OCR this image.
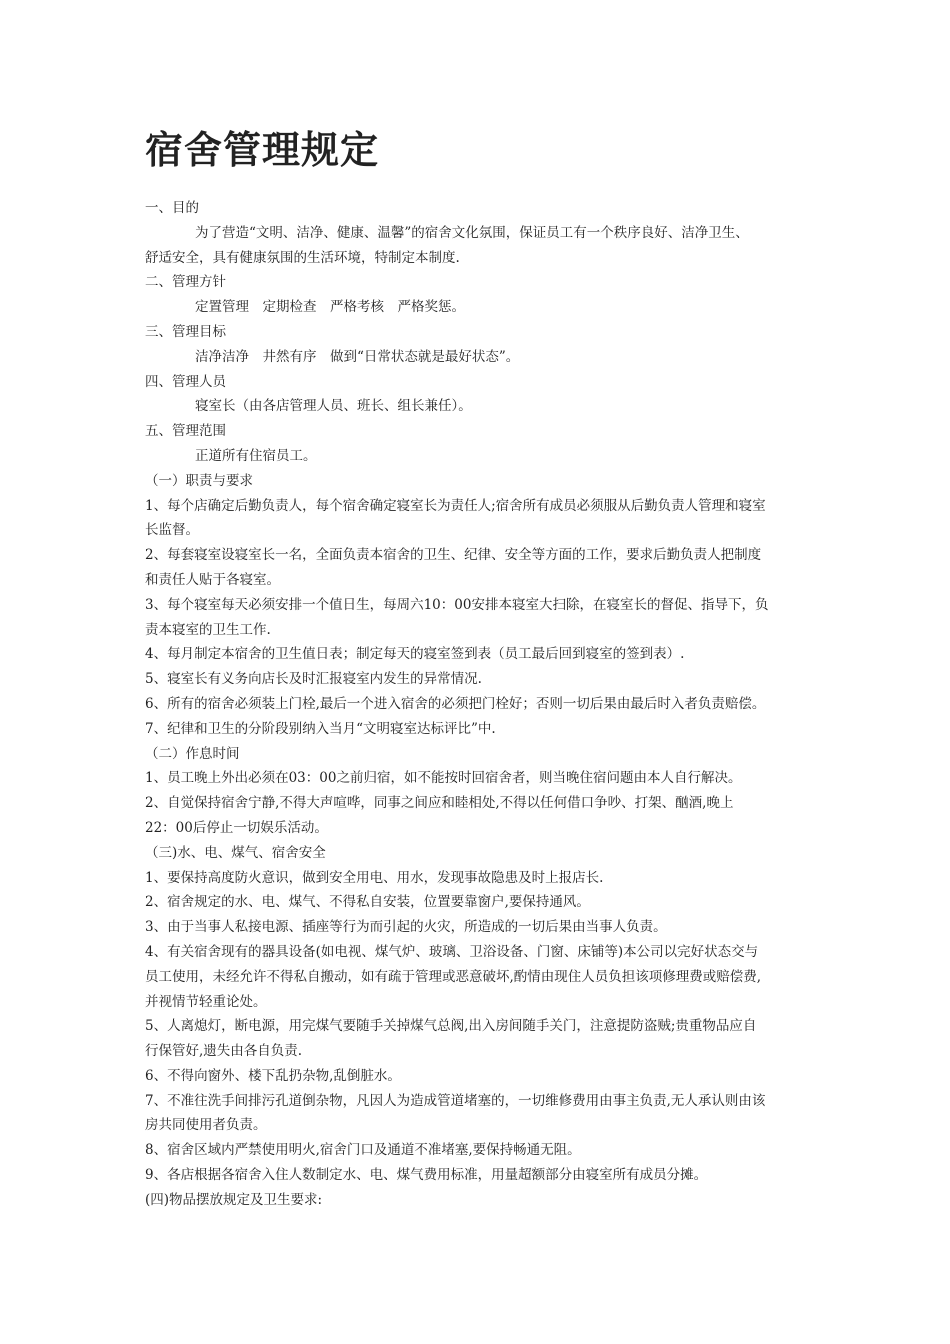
宿舍管理规定
一、目的
为了营造“文明、洁净、健康、温馨”的宿舍文化氛围，保证员工有一个秩序良好、洁净卫生、
舒适安全，具有健康氛围的生活环境，特制定本制度.
二、管理方针
定置管理　定期检查　严格考核　严格奖惩。
三、管理目标
洁净洁净　井然有序　做到“日常状态就是最好状态”。
四、管理人员
寝室长（由各店管理人员、班长、组长兼任）。
五、管理范围
正道所有住宿员工。
（一）职责与要求
1、每个店确定后勤负责人，每个宿舍确定寝室长为责任人;宿舍所有成员必须服从后勤负责人管理和寝室
长监督。
2、每套寝室设寝室长一名，全面负责本宿舍的卫生、纪律、安全等方面的工作，要求后勤负责人把制度
和责任人贴于各寝室。
3、每个寝室每天必须安排一个值日生，每周六10：00安排本寝室大扫除，在寝室长的督促、指导下，负
责本寝室的卫生工作.
4、每月制定本宿舍的卫生值日表；制定每天的寝室签到表（员工最后回到寝室的签到表）.
5、寝室长有义务向店长及时汇报寝室内发生的异常情况.
6、所有的宿舍必须装上门栓,最后一个进入宿舍的必须把门栓好；否则一切后果由最后时入者负责赔偿。
7、纪律和卫生的分阶段别纳入当月“文明寝室达标评比”中.
（二）作息时间
1、员工晚上外出必须在03：00之前归宿，如不能按时回宿舍者，则当晚住宿问题由本人自行解决。
2、自觉保持宿舍宁静,不得大声喧哗，同事之间应和睦相处,不得以任何借口争吵、打架、酗酒,晚上
22：00后停止一切娱乐活动。
（三)水、电、煤气、宿舍安全
1、要保持高度防火意识，做到安全用电、用水，发现事故隐患及时上报店长.
2、宿舍规定的水、电、煤气、不得私自安装，位置要靠窗户,要保持通风。
3、由于当事人私接电源、插座等行为而引起的火灾，所造成的一切后果由当事人负责。
4、有关宿舍现有的器具设备(如电视、煤气炉、玻璃、卫浴设备、门窗、床铺等)本公司以完好状态交与
员工使用，未经允许不得私自搬动，如有疏于管理或恶意破坏,酌情由现住人员负担该项修理费或赔偿费,
并视情节轻重论处。
5、人离熄灯，断电源，用完煤气要随手关掉煤气总阀,出入房间随手关门，注意提防盗贼;贵重物品应自
行保管好,遗失由各自负责.
6、不得向窗外、楼下乱扔杂物,乱倒脏水。
7、不准往洗手间排污孔道倒杂物，凡因人为造成管道堵塞的，一切维修费用由事主负责,无人承认则由该
房共同使用者负责。
8、宿舍区域内严禁使用明火,宿舍门口及通道不准堵塞,要保持畅通无阻。
9、各店根据各宿舍入住人数制定水、电、煤气费用标准，用量超额部分由寝室所有成员分摊。
(四)物品摆放规定及卫生要求:
